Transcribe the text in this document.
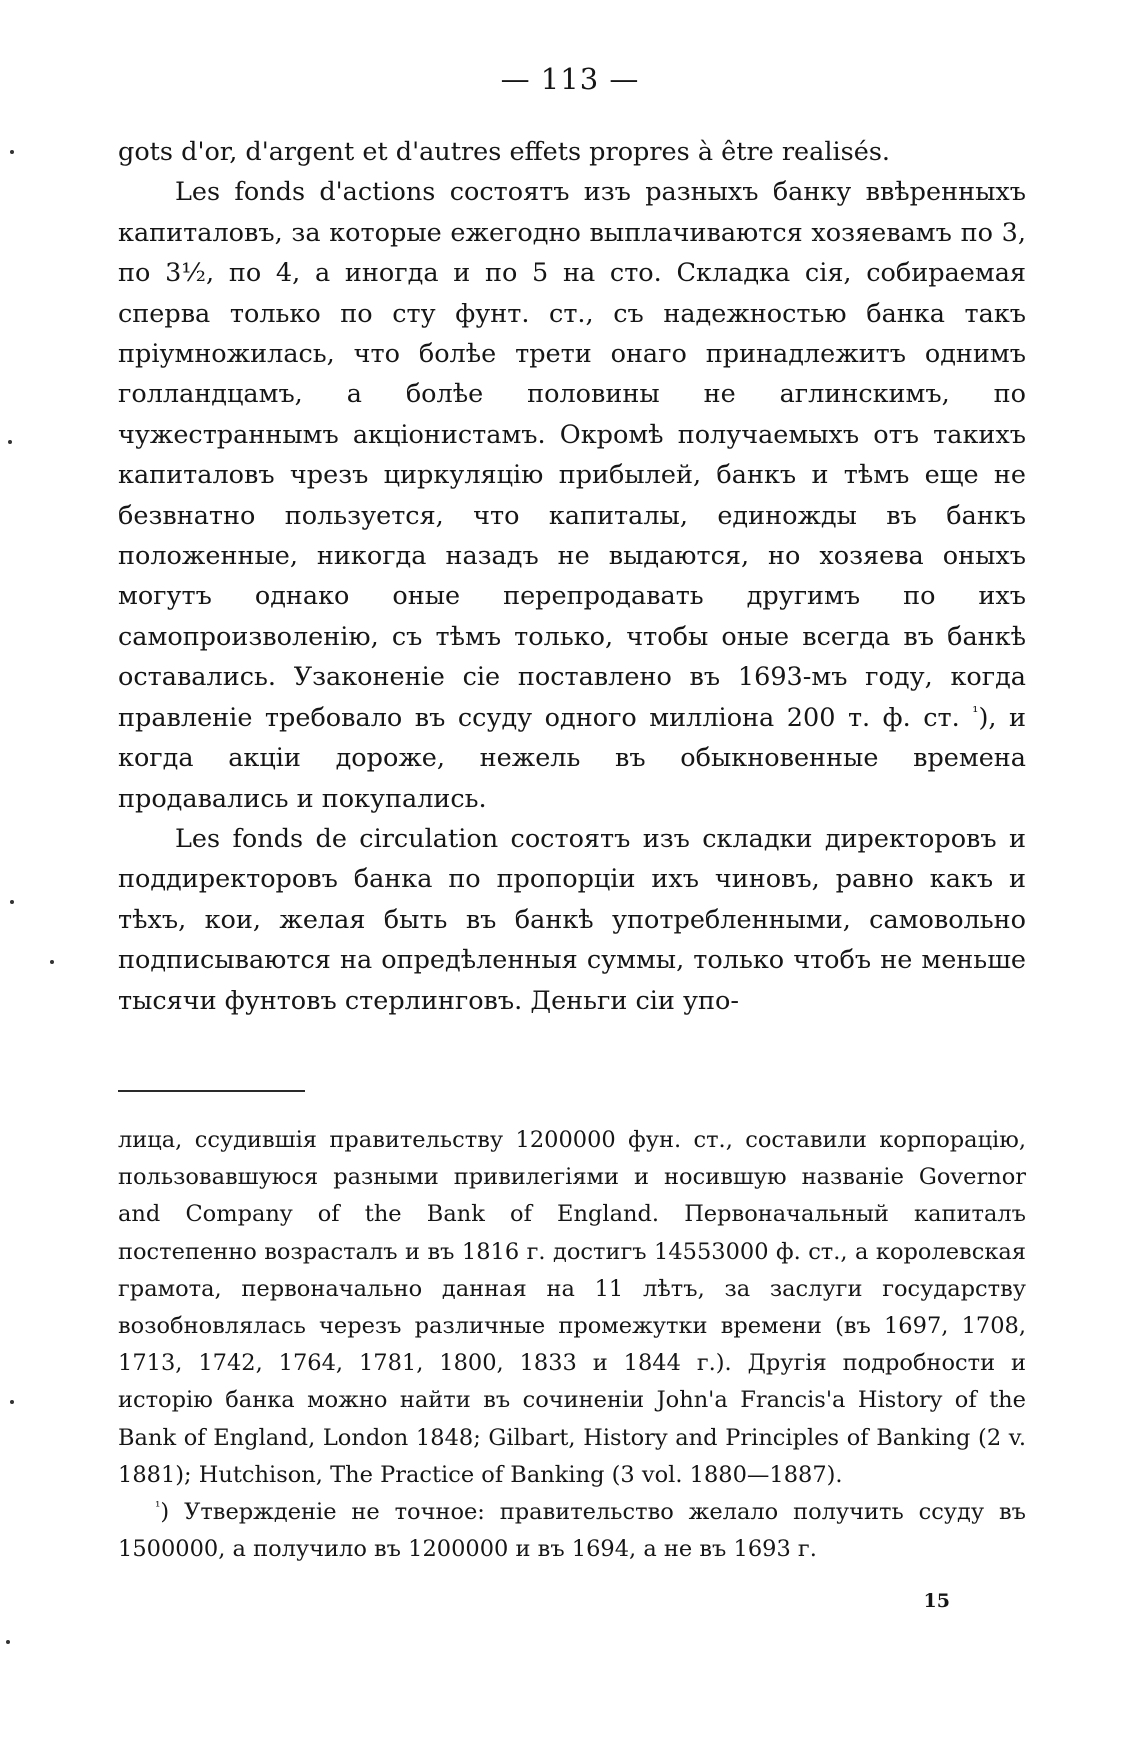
— 113 —

gots d'or, d'argent et d'autres effets propres à être realisés.

Les fonds d'actions состоятъ изъ разныхъ банку ввѣренныхъ капиталовъ, за которые ежегодно выплачиваются хозяевамъ по 3, по 3½, по 4, а иногда и по 5 на сто. Складка сія, собираемая сперва только по сту фунт. ст., съ надежностью банка такъ пріумножилась, что болѣе трети онаго принадлежитъ однимъ голландцамъ, а болѣе половины не аглинскимъ, по чужестраннымъ акціонистамъ. Окромѣ получаемыхъ отъ такихъ капиталовъ чрезъ циркуляцію прибылей, банкъ и тѣмъ еще не безвнатно пользуется, что капиталы, единожды въ банкъ положенные, никогда назадъ не выдаются, но хозяева оныхъ могутъ однако оные перепродавать другимъ по ихъ самопроизволенію, съ тѣмъ только, чтобы оные всегда въ банкѣ оставались. Узаконеніе сіе поставлено въ 1693-мъ году, когда правленіе требовало въ ссуду одного милліона 200 т. ф. ст. $^{^1}$), и когда акціи дороже, нежель въ обыкновенные времена продавались и покупались.

Les fonds de circulation состоятъ изъ складки директоровъ и поддиректоровъ банка по пропорціи ихъ чиновъ, равно какъ и тѣхъ, кои, желая быть въ банкѣ употребленными, самовольно подписываются на опредѣленныя суммы, только чтобъ не меньше тысячи фунтовъ стерлинговъ. Деньги сіи упо-

лица, ссудившія правительству 1200000 фун. ст., составили корпорацію, пользовавшуюся разными привилегіями и носившую названіе Governor and Company of the Bank of England. Первоначальный капиталъ постепенно возрасталъ и въ 1816 г. достигъ 14553000 ф. ст., а королевская грамота, первоначально данная на 11 лѣтъ, за заслуги государству возобновлялась черезъ различные промежутки времени (въ 1697, 1708, 1713, 1742, 1764, 1781, 1800, 1833 и 1844 г.). Другія подробности и исторію банка можно найти въ сочиненіи John'a Francis'a History of the Bank of England, London 1848; Gilbart, History and Principles of Banking (2 v. 1881); Hutchison, The Practice of Banking (3 vol. 1880—1887).

$^{^1}$) Утвержденіе не точное: правительство желало получить ссуду въ 1500000, а получило въ 1200000 и въ 1694, а не въ 1693 г.

15
